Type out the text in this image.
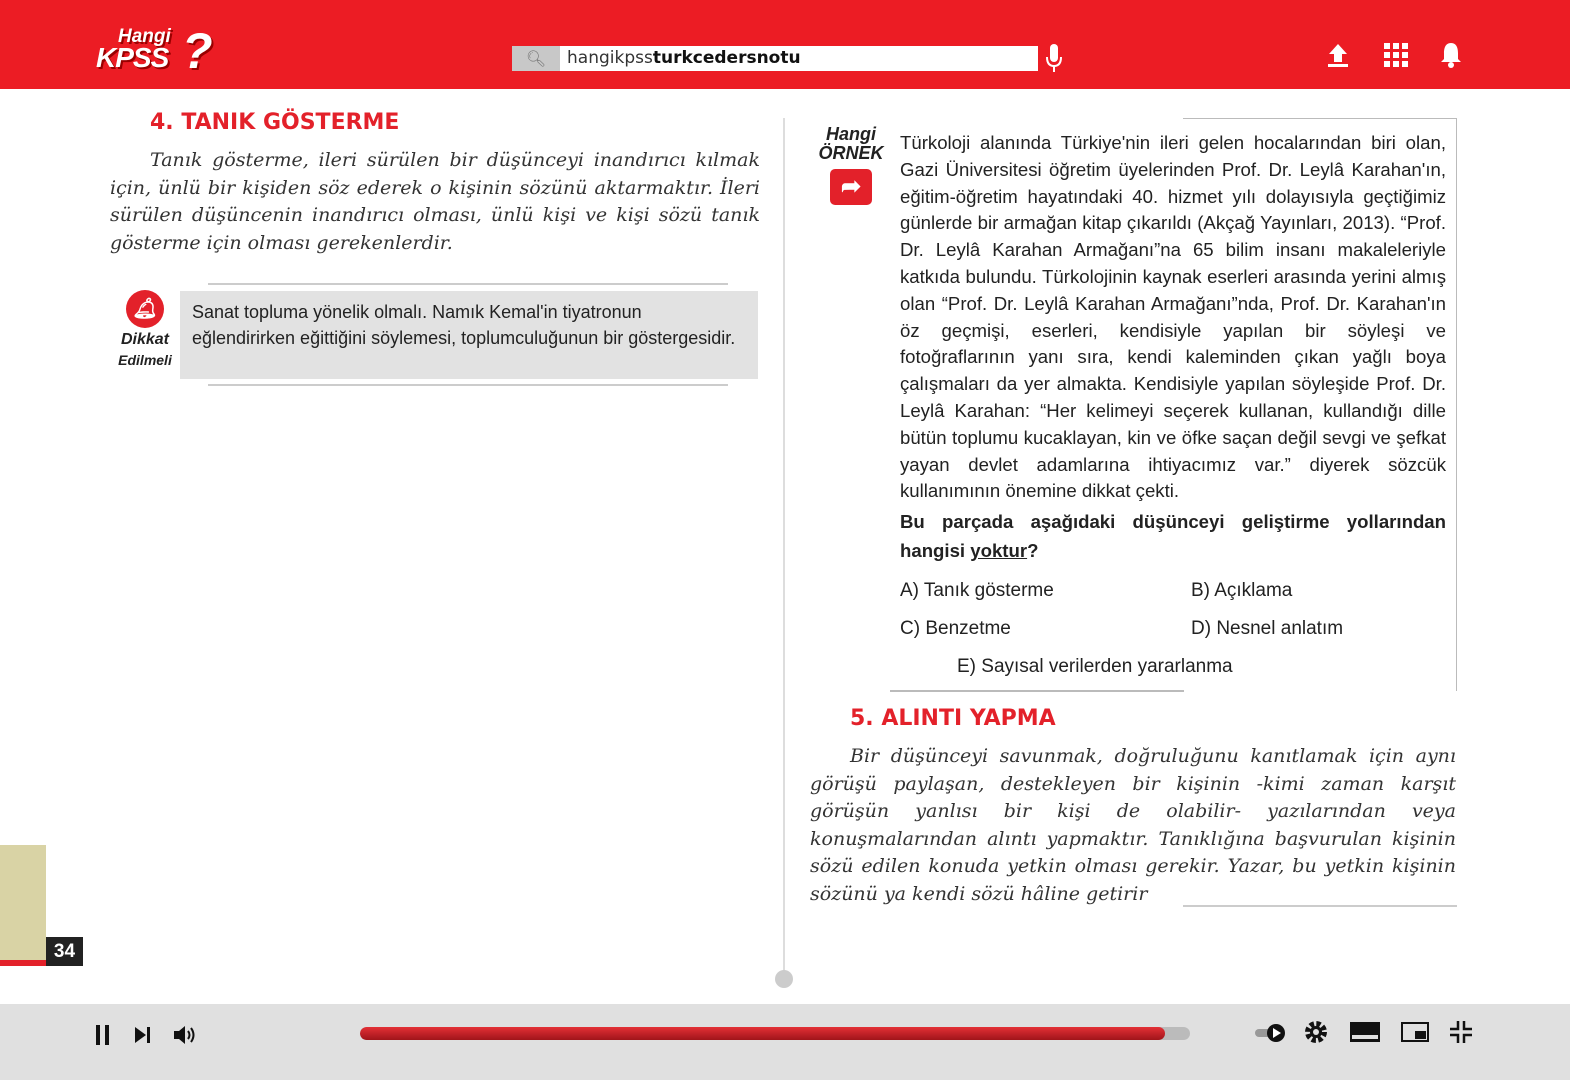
Hangi
KPSS ?	🔍︎	hangikpssturkcedersnotu
4. TANIK GÖSTERME

Tanık gösterme, ileri sürülen bir düşünceyi inandırıcı kılmak için, ünlü bir kişiden söz ederek o kişinin sözünü aktarmaktır. İleri sürülen düşüncenin inandırıcı olması, ünlü kişi ve kişi sözü tanık gösterme için olması gerekenlerdir.

🔔︎
Dikkat
Edilmeli
Sanat topluma yönelik olmalı. Namık Kemal'in tiyatronun eğlendirirken eğittiğini söylemesi, toplumculuğunun bir göstergesidir.
Hangi
ÖRNEK
➦

Türkoloji alanında Türkiye'nin ileri gelen hocalarından biri olan, Gazi Üniversitesi öğretim üyelerinden Prof. Dr. Leylâ Karahan'ın, eğitim-öğretim hayatındaki 40. hizmet yılı dolayısıyla geçtiğimiz günlerde bir armağan kitap çıkarıldı (Akçağ Yayınları, 2013). “Prof. Dr. Leylâ Karahan Armağanı”na 65 bilim insanı makaleleriyle katkıda bulundu. Türkolojinin kaynak eserleri arasında yerini almış olan “Prof. Dr. Leylâ Karahan Armağanı”nda, Prof. Dr. Karahan'ın öz geçmişi, eserleri, kendisiyle yapılan bir söyleşi ve fotoğraflarının yanı sıra, kendi kaleminden çıkan yağlı boya çalışmaları da yer almakta. Kendisiyle yapılan söyleşide Prof. Dr. Leylâ Karahan: “Her kelimeyi seçerek kullanan, kullandığı dille bütün toplumu kucaklayan, kin ve öfke saçan değil sevgi ve şefkat yayan devlet adamlarına ihtiyacımız var.” diyerek sözcük kullanımının önemine dikkat çekti.

Bu parçada aşağıdaki düşünceyi geliştirme yollarından hangisi yoktur?

A) Tanık gösterme	B) Açıklama
C) Benzetme	D) Nesnel anlatım
E) Sayısal verilerden yararlanma
5. ALINTI YAPMA

Bir düşünceyi savunmak, doğruluğunu kanıtlamak için aynı görüşü paylaşan, destekleyen bir kişinin -kimi zaman karşıt görüşün yanlısı bir kişi de olabilir- yazılarından veya konuşmalarından alıntı yapmaktır. Tanıklığına başvurulan kişinin sözü edilen konuda yetkin olması gerekir. Yazar, bu yetkin kişinin sözünü ya kendi sözü hâline getirir

34
